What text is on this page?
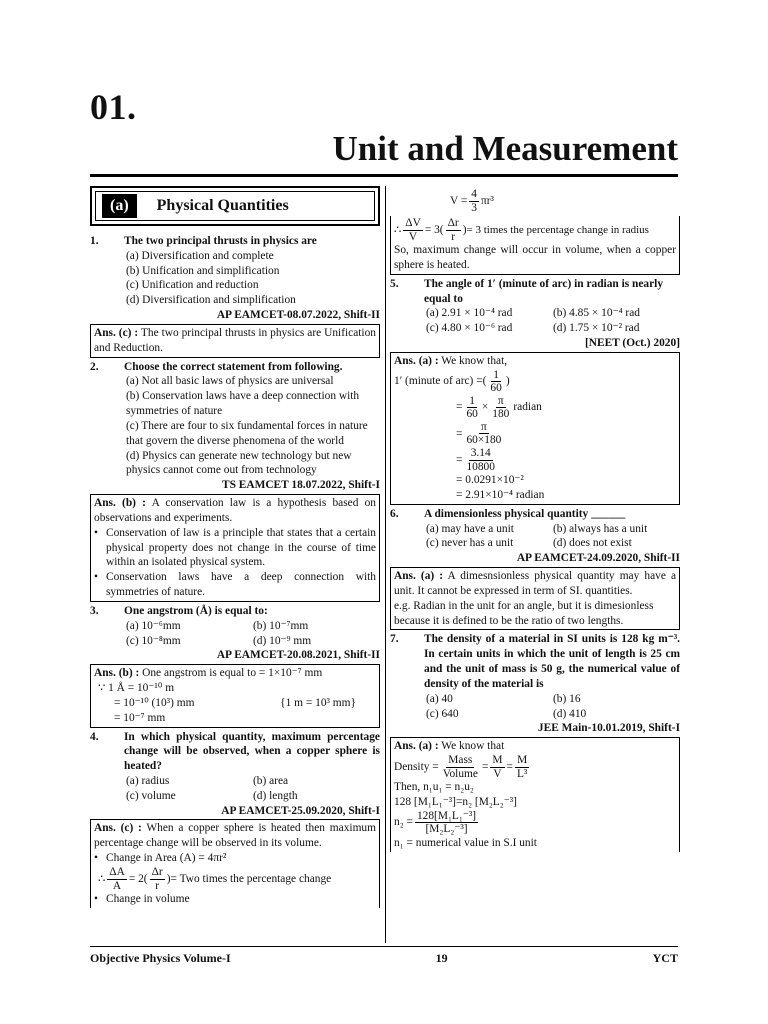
01.
Unit and Measurement
(a)	Physical Quantities
1.	The two principal thrusts in physics are
(a) Diversification and complete
(b) Unification and simplification
(c) Unification and reduction
(d) Diversification and simplification
AP EAMCET-08.07.2022, Shift-II
Ans. (c) : The two principal thrusts in physics are Unification and Reduction.
2.	Choose the correct statement from following.
(a) Not all basic laws of physics are universal
(b) Conservation laws have a deep connection with symmetries of nature
(c) There are four to six fundamental forces in nature that govern the diverse phenomena of the world
(d) Physics can generate new technology but new physics cannot come out from technology
TS EAMCET 18.07.2022, Shift-I
Ans. (b) : A conservation law is a hypothesis based on observations and experiments.
• Conservation of law is a principle that states that a certain physical property does not change in the course of time within an isolated physical system.
• Conservation laws have a deep connection with symmetries of nature.
3.	One angstrom (Å) is equal to:
(a) 10⁻⁶mm	(b) 10⁻⁷mm
(c) 10⁻⁸mm	(d) 10⁻⁹ mm
AP EAMCET-20.08.2021, Shift-II
Ans. (b) : One angstrom is equal to = 1×10⁻⁷ mm
∵ 1 Å = 10⁻¹⁰ m
= 10⁻¹⁰ (10³) mm	{1 m = 10³ mm}
= 10⁻⁷ mm
4.	In which physical quantity, maximum percentage change will be observed, when a copper sphere is heated?
(a) radius	(b) area
(c) volume	(d) length
AP EAMCET-25.09.2020, Shift-I
Ans. (c) : When a copper sphere is heated then maximum percentage change will be observed in its volume.
• Change in Area (A) = 4πr²
∴ $\frac{\Delta A}{A} = 2( \frac{\Delta r}{r}$ ) = Two times the percentage change
• Change in volume
$V = \frac{4}{3} \pi r^3$
∴ $\frac{\Delta V}{V} = 3( \frac{\Delta r}{r}$ ) = 3 times the percentage change in radius
So, maximum change will occur in volume, when a copper sphere is heated.
5.	The angle of 1′ (minute of arc) in radian is nearly equal to
(a) 2.91 × 10⁻⁴ rad	(b) 4.85 × 10⁻⁴ rad
(c) 4.80 × 10⁻⁶ rad	(d) 1.75 × 10⁻² rad
[NEET (Oct.) 2020]
Ans. (a) : We know that,
1′ (minute of arc) = ( $\frac{1}{60}$ )
= $\frac{1}{60} \times \frac{\pi}{180}$ radian
= $\frac{\pi}{60\times 180}$
= $\frac{3.14}{10800}$
= 0.0291×10⁻²
= 2.91×10⁻⁴ radian
6.	A dimensionless physical quantity ______
(a) may have a unit	(b) always has a unit
(c) never has a unit	(d) does not exist
AP EAMCET-24.09.2020, Shift-II
Ans. (a) : A dimesnsionless physical quantity may have a unit. It cannot be expressed in term of SI. quantities.
e.g. Radian in the unit for an angle, but it is dimesionless
because it is defined to be the ratio of two lengths.
7.	The density of a material in SI units is 128 kg m⁻³. In certain units in which the unit of length is 25 cm and the unit of mass is 50 g, the numerical value of density of the material is
(a) 40	(b) 16
(c) 640	(d) 410
JEE Main-10.01.2019, Shift-I
Ans. (a) : We know that
Density = $\frac{\text{Mass}}{\text{Volume}} = \frac{M}{V} = \frac{M}{\text{L³}}$
Then, n₁u₁ = n₂u₂
128 [M₁L₁⁻³]=n₂ [M₂L₂⁻³]
$n_2 = \frac{\text{128[M₁L₁⁻³]}}{\text{[M₂L₂⁻³]}}$
n₁ = numerical value in S.I unit
Objective Physics Volume-I	19	YCT
